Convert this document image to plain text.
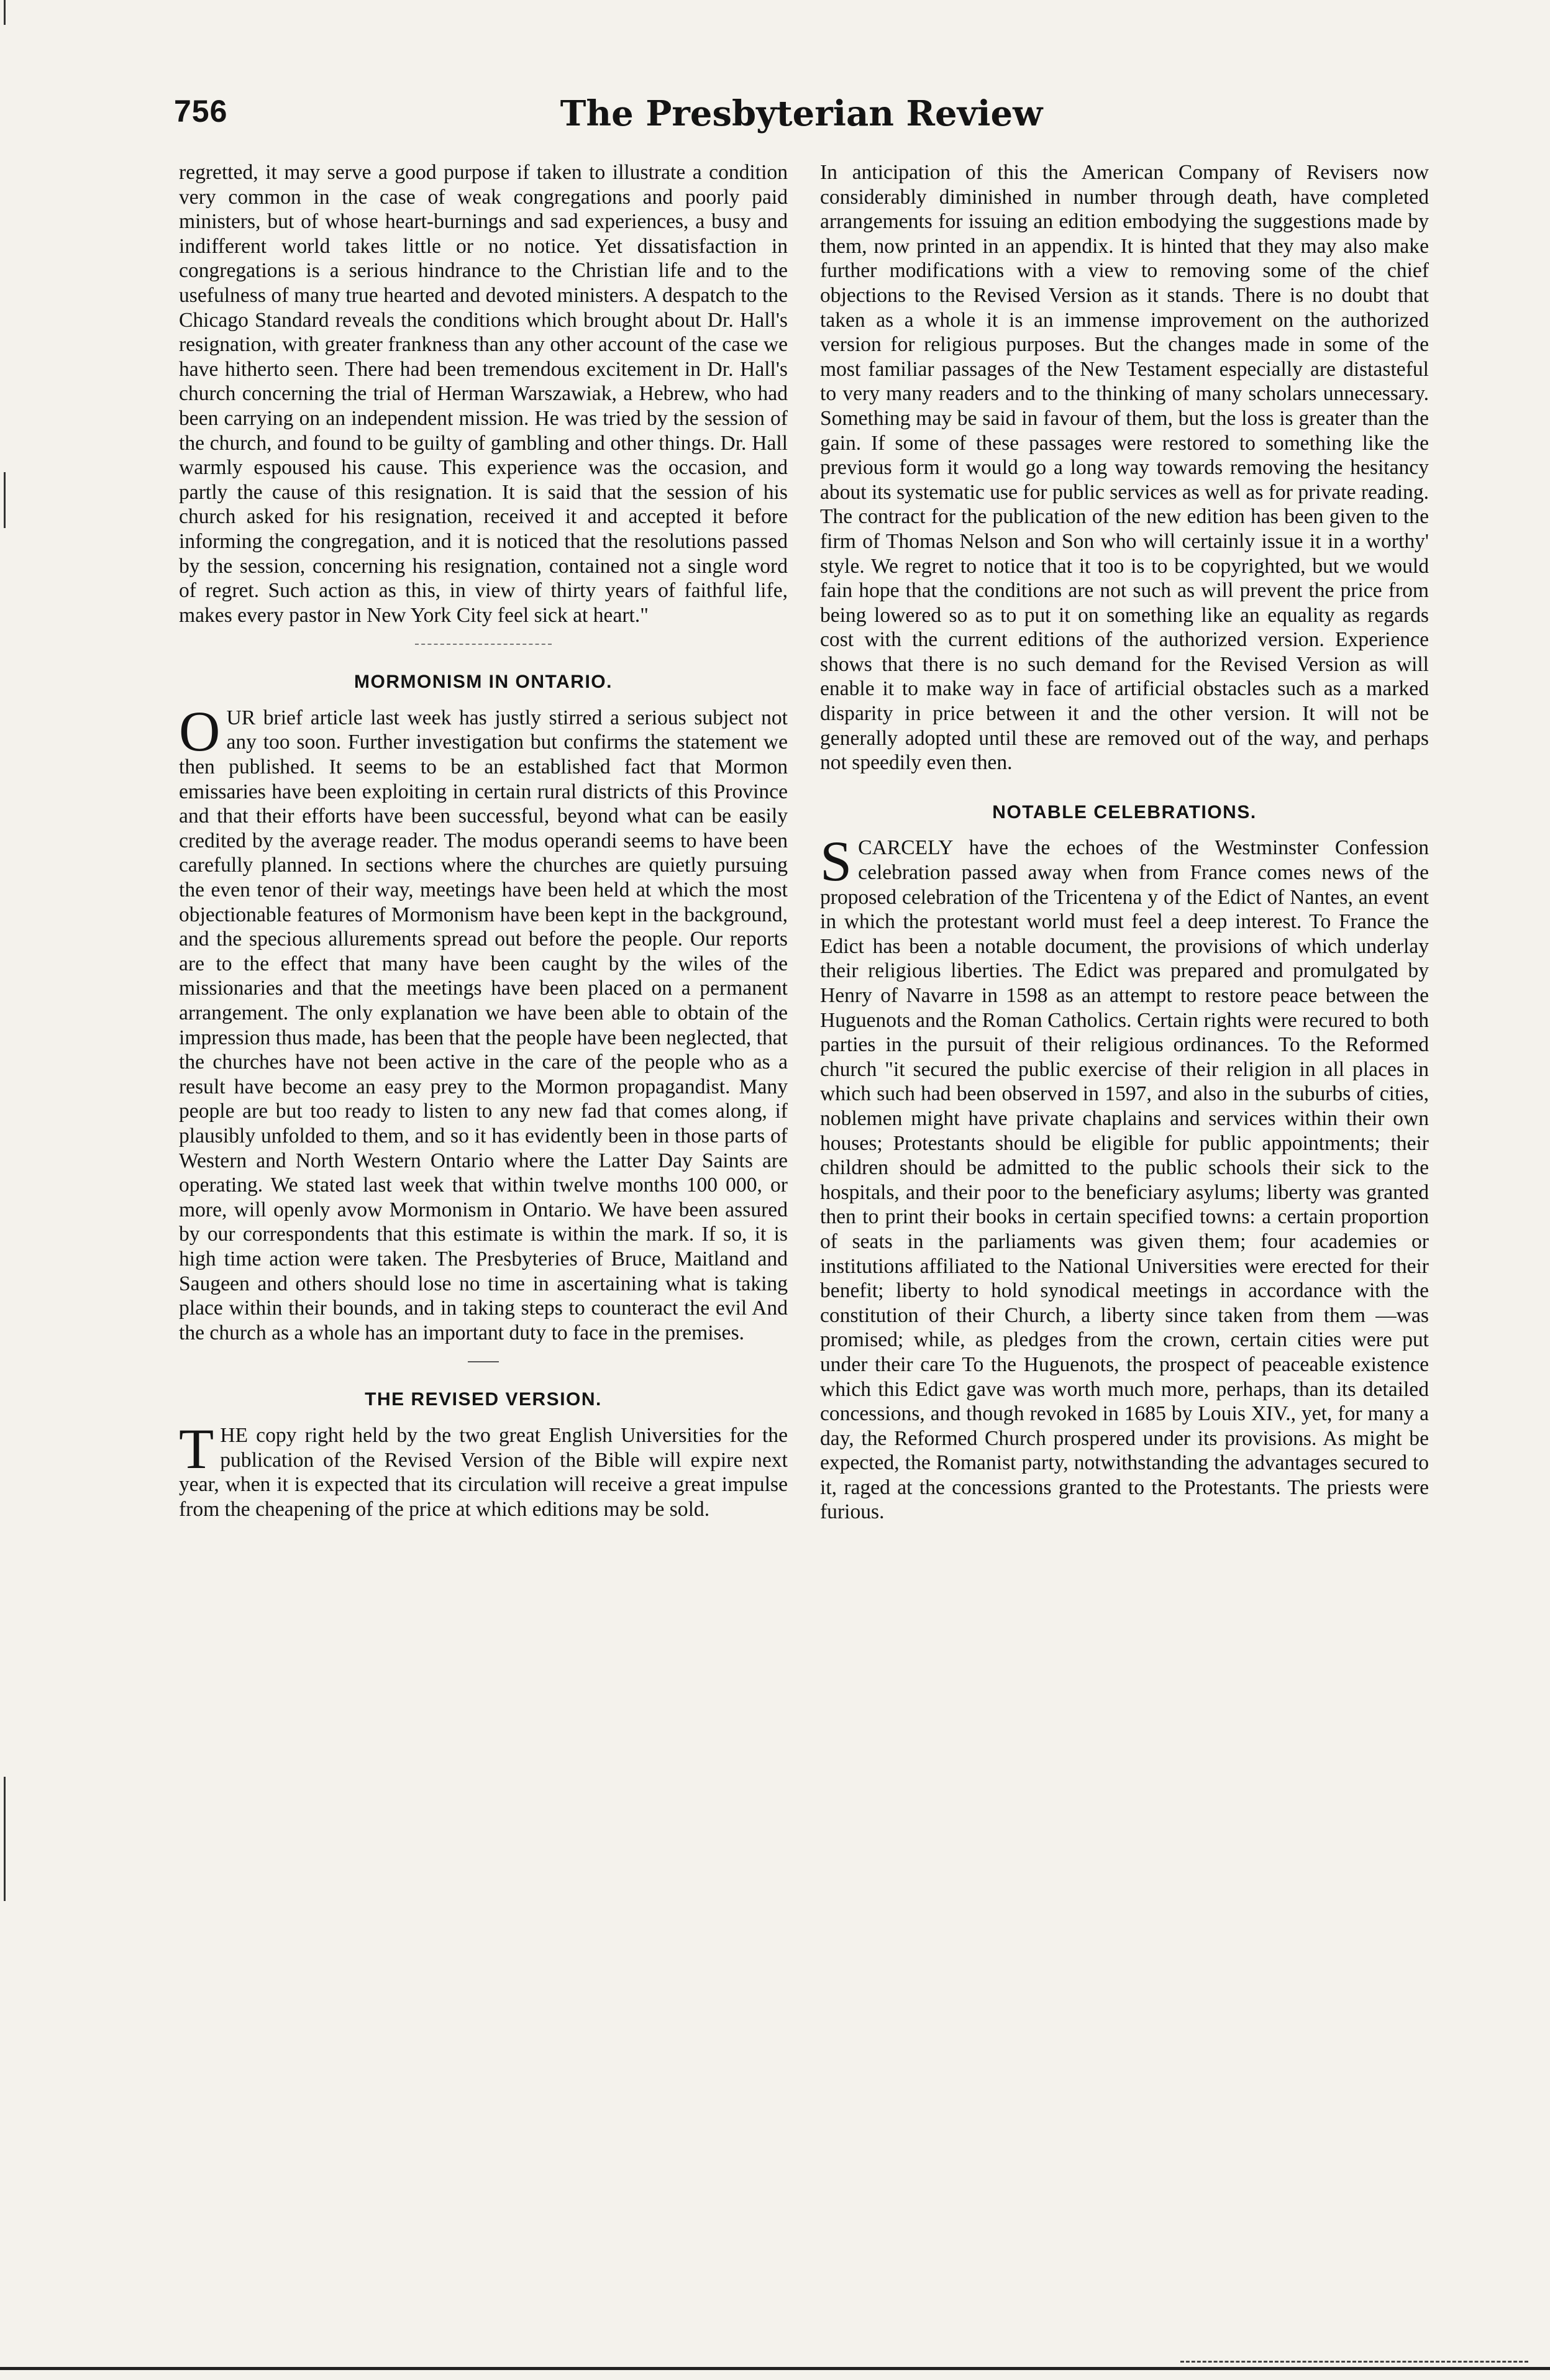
756	The Presbyterian Review

regretted, it may serve a good purpose if taken to illustrate a condition very common in the case of weak congregations and poorly paid ministers, but of whose heart-burnings and sad experiences, a busy and indifferent world takes little or no notice. Yet dissatisfaction in congregations is a serious hindrance to the Christian life and to the usefulness of many true hearted and devoted ministers. A despatch to the Chicago Standard reveals the conditions which brought about Dr. Hall's resignation, with greater frankness than any other account of the case we have hitherto seen. There had been tremendous excitement in Dr. Hall's church concerning the trial of Herman Warszawiak, a Hebrew, who had been carrying on an independent mission. He was tried by the session of the church, and found to be guilty of gambling and other things. Dr. Hall warmly espoused his cause. This experience was the occasion, and partly the cause of this resignation. It is said that the session of his church asked for his resignation, received it and accepted it before informing the congregation, and it is noticed that the resolutions passed by the session, concerning his resignation, contained not a single word of regret. Such action as this, in view of thirty years of faithful life, makes every pastor in New York City feel sick at heart."

MORMONISM IN ONTARIO.

OUR brief article last week has justly stirred a serious subject not any too soon. Further investigation but confirms the statement we then published. It seems to be an established fact that Mormon emissaries have been exploiting in certain rural districts of this Province and that their efforts have been successful, beyond what can be easily credited by the average reader. The modus operandi seems to have been carefully planned. In sections where the churches are quietly pursuing the even tenor of their way, meetings have been held at which the most objectionable features of Mormonism have been kept in the background, and the specious allurements spread out before the people. Our reports are to the effect that many have been caught by the wiles of the missionaries and that the meetings have been placed on a permanent arrangement. The only explanation we have been able to obtain of the impression thus made, has been that the people have been neglected, that the churches have not been active in the care of the people who as a result have become an easy prey to the Mormon propagandist. Many people are but too ready to listen to any new fad that comes along, if plausibly unfolded to them, and so it has evidently been in those parts of Western and North Western Ontario where the Latter Day Saints are operating. We stated last week that within twelve months 100 000, or more, will openly avow Mormonism in Ontario. We have been assured by our correspondents that this estimate is within the mark. If so, it is high time action were taken. The Presbyteries of Bruce, Maitland and Saugeen and others should lose no time in ascertaining what is taking place within their bounds, and in taking steps to counteract the evil And the church as a whole has an important duty to face in the premises.

THE REVISED VERSION.

THE copy right held by the two great English Universities for the publication of the Revised Version of the Bible will expire next year, when it is expected that its circulation will receive a great impulse from the cheapening of the price at which editions may be sold.

In anticipation of this the American Company of Revisers now considerably diminished in number through death, have completed arrangements for issuing an edition embodying the suggestions made by them, now printed in an appendix. It is hinted that they may also make further modifications with a view to removing some of the chief objections to the Revised Version as it stands. There is no doubt that taken as a whole it is an immense improvement on the authorized version for religious purposes. But the changes made in some of the most familiar passages of the New Testament especially are distasteful to very many readers and to the thinking of many scholars unnecessary. Something may be said in favour of them, but the loss is greater than the gain. If some of these passages were restored to something like the previous form it would go a long way towards removing the hesitancy about its systematic use for public services as well as for private reading. The contract for the publication of the new edition has been given to the firm of Thomas Nelson and Son who will certainly issue it in a worthy' style. We regret to notice that it too is to be copyrighted, but we would fain hope that the conditions are not such as will prevent the price from being lowered so as to put it on something like an equality as regards cost with the current editions of the authorized version. Experience shows that there is no such demand for the Revised Version as will enable it to make way in face of artificial obstacles such as a marked disparity in price between it and the other version. It will not be generally adopted until these are removed out of the way, and perhaps not speedily even then.

NOTABLE CELEBRATIONS.

SCARCELY have the echoes of the Westminster Confession celebration passed away when from France comes news of the proposed celebration of the Tricentena y of the Edict of Nantes, an event in which the protestant world must feel a deep interest. To France the Edict has been a notable document, the provisions of which underlay their religious liberties. The Edict was prepared and promulgated by Henry of Navarre in 1598 as an attempt to restore peace between the Huguenots and the Roman Catholics. Certain rights were recured to both parties in the pursuit of their religious ordinances. To the Reformed church "it secured the public exercise of their religion in all places in which such had been observed in 1597, and also in the suburbs of cities, noblemen might have private chaplains and services within their own houses; Protestants should be eligible for public appointments; their children should be admitted to the public schools their sick to the hospitals, and their poor to the beneficiary asylums; liberty was granted then to print their books in certain specified towns: a certain proportion of seats in the parliaments was given them; four academies or institutions affiliated to the National Universities were erected for their benefit; liberty to hold synodical meetings in accordance with the constitution of their Church, a liberty since taken from them —was promised; while, as pledges from the crown, certain cities were put under their care To the Huguenots, the prospect of peaceable existence which this Edict gave was worth much more, perhaps, than its detailed concessions, and though revoked in 1685 by Louis XIV., yet, for many a day, the Reformed Church prospered under its provisions. As might be expected, the Romanist party, notwithstanding the advantages secured to it, raged at the concessions granted to the Protestants. The priests were furious.
